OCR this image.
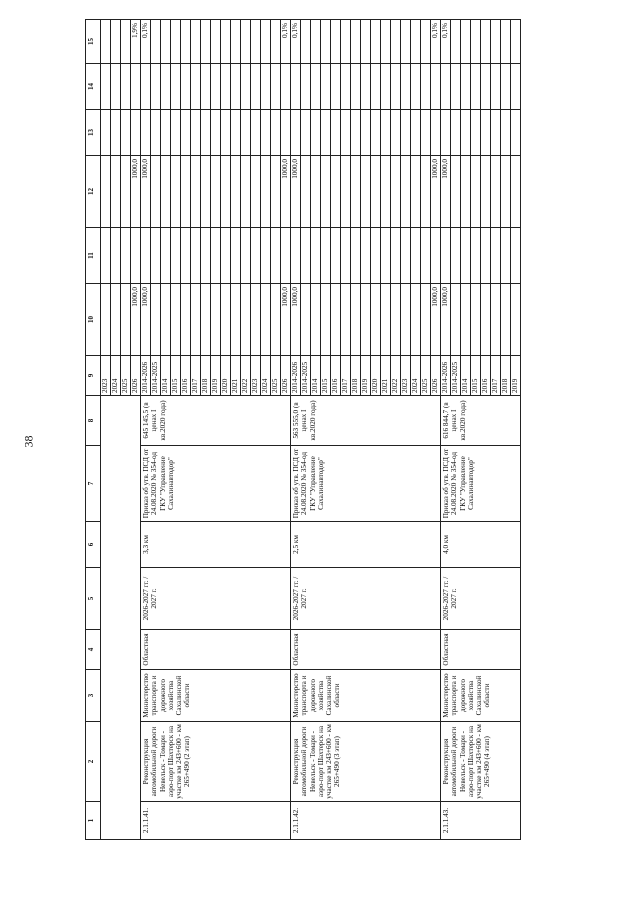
38
1	2	3	4	5	6	7	8	9	10	11	12	13	14	15
								2023						
								2024						
								2025						
								2026	1000,0		1000,0			1,9%
2.1.1.41.	Реконструкция автомобильной дороги Невельск - Томари - аэро-порт Шахтерск на участке км 243+600 - км 265+490 (2 этап)	Министерство транспорта и дорожного хозяйства Сахалинской области	Областная	2026-2027 гг. / 2027 г.	3,3 км	Приказ об утв. ПСД от 24.08.2020 № 354-од ГКУ "Управление Сахалинавтодор"	645 145,5 (в ценах I кв.2020 года)	2014-2026	1000,0		1000,0			0,1%
								2014-2025						
								2014						
								2015						
								2016						
								2017						
								2018						
								2019						
								2020						
								2021						
								2022						
								2023						
								2024						
								2025						
								2026	1000,0		1000,0			0,1%
2.1.1.42.	Реконструкция автомобильной дороги Невельск - Томари - аэро-порт Шахтерск на участке км 243+600 - км 265+490 (3 этап)	Министерство транспорта и дорожного хозяйства Сахалинской области	Областная	2026-2027 гг. / 2027 г.	2,5 км	Приказ об утв. ПСД от 24.08.2020 № 354-од ГКУ "Управление Сахалинавтодор"	563 555,0 (в ценах I кв.2020 года)	2014-2026	1000,0		1000,0			0,1%
								2014-2025						
								2014						
								2015						
								2016						
								2017						
								2018						
								2019						
								2020						
								2021						
								2022						
								2023						
								2024						
								2025						
								2026	1000,0		1000,0			0,1%
2.1.1.43.	Реконструкция автомобильной дороги Невельск - Томари - аэро-порт Шахтерск на участке км 243+600 - км 265+490 (4 этап)	Министерство транспорта и дорожного хозяйства Сахалинской области	Областная	2026-2027 гг. / 2027 г.	4,0 км	Приказ об утв. ПСД от 24.08.2020 № 354-од ГКУ "Управление Сахалинавтодор"	616 844,7 (в ценах I кв.2020 года)	2014-2026	1000,0		1000,0			0,1%
								2014-2025						
								2014						
								2015						
								2016						
								2017						
								2018						
								2019						
